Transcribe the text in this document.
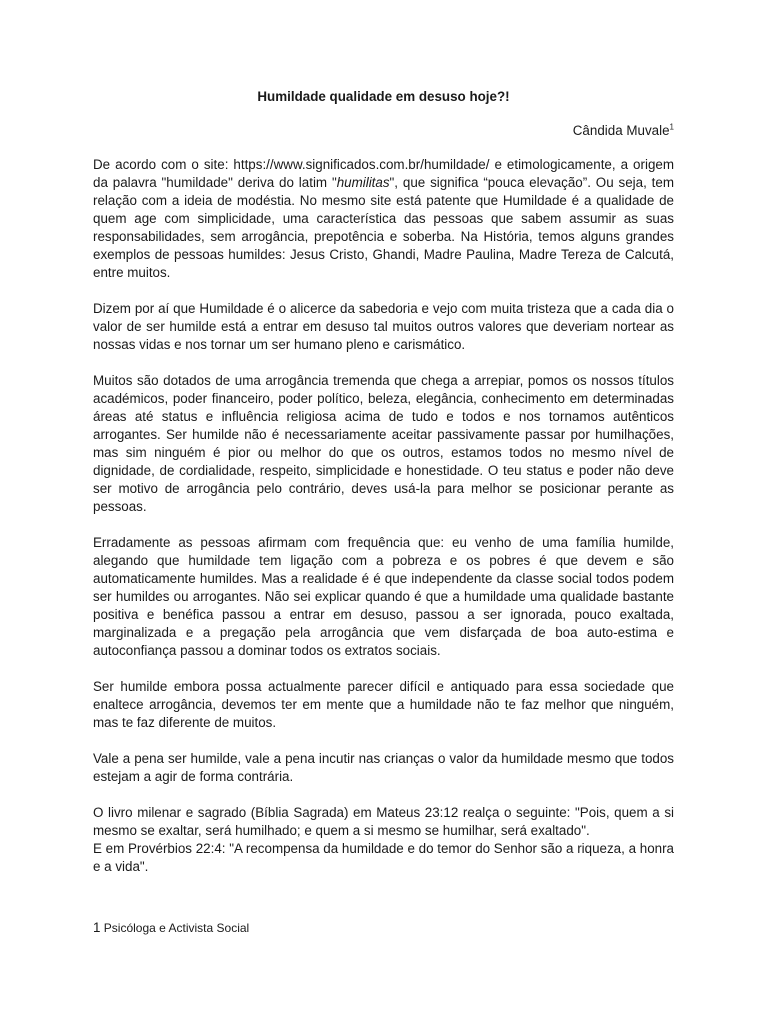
Humildade qualidade em desuso hoje?!
Cândida Muvale$^1$

De acordo com o site: https://www.significados.com.br/humildade/ e etimologicamente, a origem da palavra "humildade" deriva do latim "humilitas", que significa “pouca elevação”. Ou seja, tem relação com a ideia de modéstia. No mesmo site está patente que Humildade é a qualidade de quem age com simplicidade, uma característica das pessoas que sabem assumir as suas responsabilidades, sem arrogância, prepotência e soberba. Na História, temos alguns grandes exemplos de pessoas humildes: Jesus Cristo, Ghandi, Madre Paulina, Madre Tereza de Calcutá, entre muitos.

Dizem por aí que Humildade é o alicerce da sabedoria e vejo com muita tristeza que a cada dia o valor de ser humilde está a entrar em desuso tal muitos outros valores que deveriam nortear as nossas vidas e nos tornar um ser humano pleno e carismático.

Muitos são dotados de uma arrogância tremenda que chega a arrepiar, pomos os nossos títulos académicos, poder financeiro, poder político, beleza, elegância, conhecimento em determinadas áreas até status e influência religiosa acima de tudo e todos e nos tornamos autênticos arrogantes. Ser humilde não é necessariamente aceitar passivamente passar por humilhações, mas sim ninguém é pior ou melhor do que os outros, estamos todos no mesmo nível de dignidade, de cordialidade, respeito, simplicidade e honestidade. O teu status e poder não deve ser motivo de arrogância pelo contrário, deves usá-la para melhor se posicionar perante as pessoas.

Erradamente as pessoas afirmam com frequência que: eu venho de uma família humilde, alegando que humildade tem ligação com a pobreza e os pobres é que devem e são automaticamente humildes. Mas a realidade é é que independente da classe social todos podem ser humildes ou arrogantes. Não sei explicar quando é que a humildade uma qualidade bastante positiva e benéfica passou a entrar em desuso, passou a ser ignorada, pouco exaltada, marginalizada e a pregação pela arrogância que vem disfarçada de boa auto-estima e autoconfiança passou a dominar todos os extratos sociais.

Ser humilde embora possa actualmente parecer difícil e antiquado para essa sociedade que enaltece arrogância, devemos ter em mente que a humildade não te faz melhor que ninguém, mas te faz diferente de muitos.

Vale a pena ser humilde, vale a pena incutir nas crianças o valor da humildade mesmo que todos estejam a agir de forma contrária.

O livro milenar e sagrado (Bíblia Sagrada) em Mateus 23:12 realça o seguinte: "Pois, quem a si mesmo se exaltar, será humilhado; e quem a si mesmo se humilhar, será exaltado".

E em Provérbios 22:4: "A recompensa da humildade e do temor do Senhor são a riqueza, a honra e a vida".

1 Psicóloga e Activista Social
